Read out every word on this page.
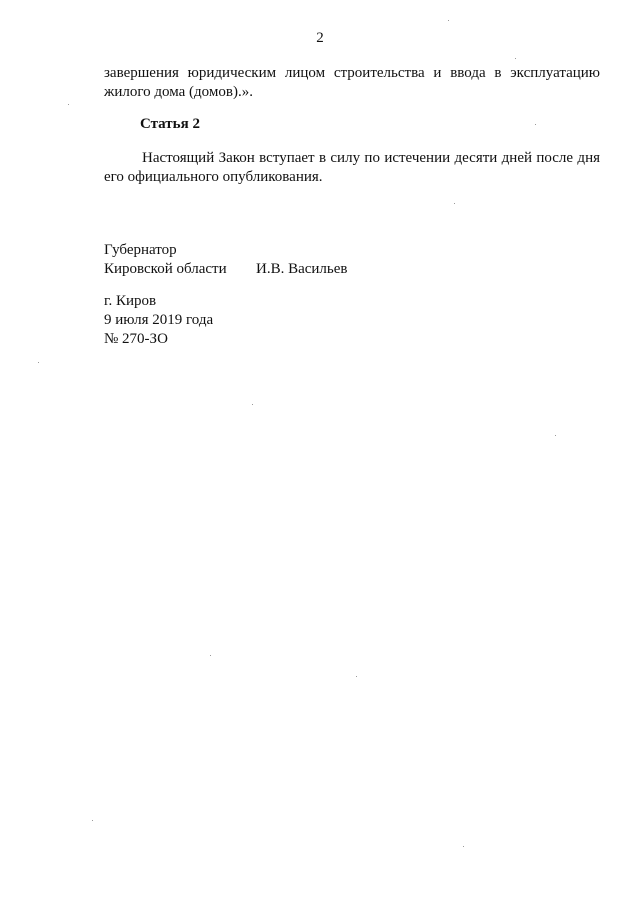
2
завершения юридическим лицом строительства и ввода в эксплуатацию
жилого дома (домов).».
Статья 2
Настоящий Закон вступает в силу по истечении десяти дней после дня
его официального опубликования.
Губернатор
Кировской области И.В. Васильев
г. Киров
9 июля 2019 года
№ 270-ЗО
